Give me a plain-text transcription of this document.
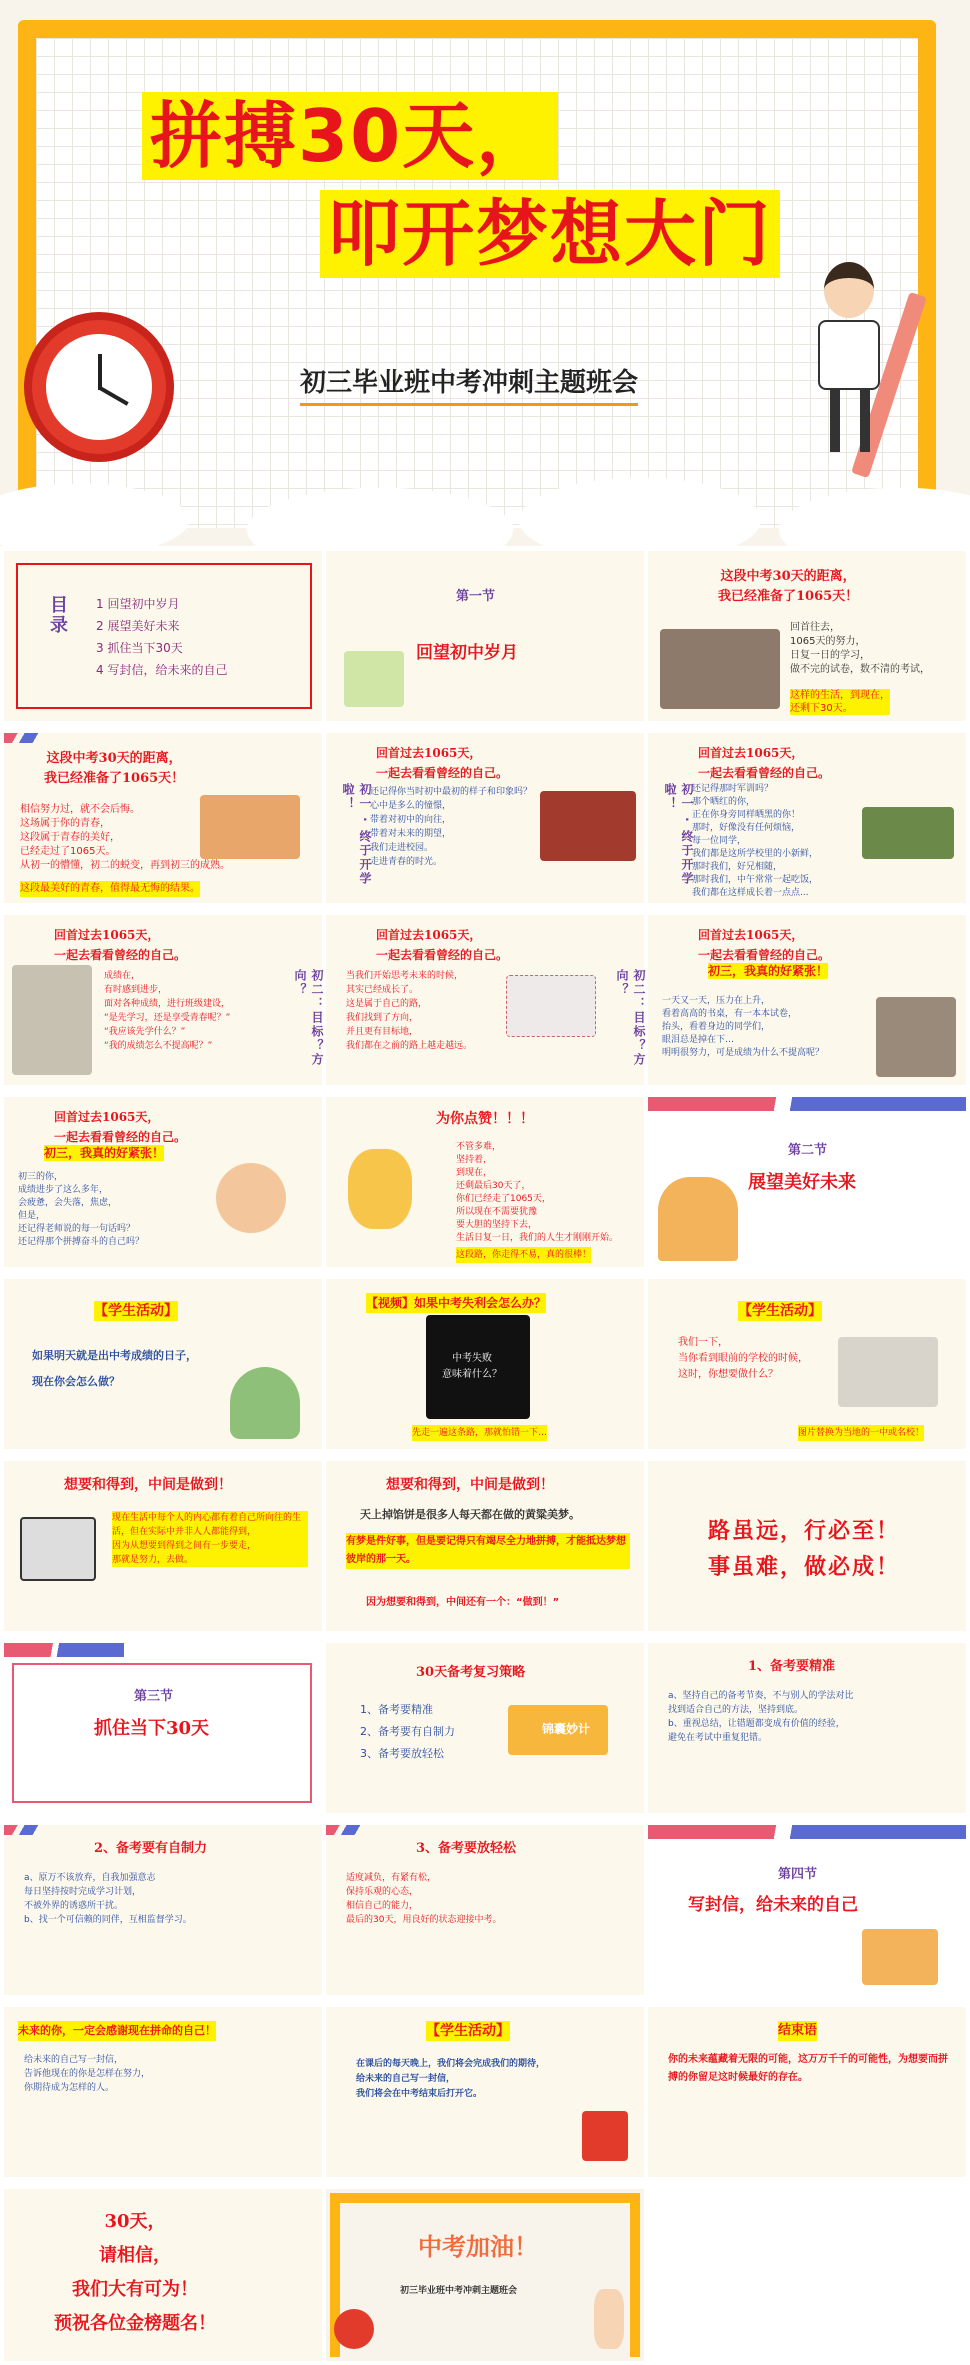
拼搏30天，
叩开梦想大门
初三毕业班中考冲刺主题班会
目录 1 回望初中岁月
2 展望美好未来
3 抓住当下30天
4 写封信，给未来的自己
第一节
回望初中岁月
这段中考30天的距离，
我已经准备了1065天！
回首往去，
1065天的努力，
日复一日的学习，
做不完的试卷，数不清的考试，
这样的生活，到现在，
还剩下30天。
这段中考30天的距离，
我已经准备了1065天！
相信努力过，就不会后悔。
这场属于你的青春，
这段属于青春的美好，
已经走过了1065天。
从初一的懵懂，初二的蜕变，再到初三的成熟。
这段最美好的青春，值得最无悔的结果。
回首过去1065天，
一起去看看曾经的自己。
初一 · 终于开学啦！	还记得你当时初中最初的样子和印象吗？
心中是多么的憧憬，
带着对初中的向往，
带着对未来的期望，
我们走进校园。
走进青春的时光。
回首过去1065天，
一起去看看曾经的自己。
初一 · 终于开学啦！	还记得那时军训吗？
那个晒红的你，
正在你身旁同样晒黑的你！
那时，好像没有任何烦恼，
每一位同学，
我们都是这所学校里的小新鲜，
那时我们，好兄相随，
那时我们，中午常常一起吃饭，
我们都在这样成长着一点点...
回首过去1065天，
一起去看看曾经的自己。
成绩在，
有时感到进步，
面对各种成绩，进行班级建设，
“是先学习，还是享受青春呢？”
“我应该先学什么？”
“我的成绩怎么不提高呢？”	初二：目标？方向？
回首过去1065天，
一起去看看曾经的自己。
当我们开始思考未来的时候，
其实已经成长了。
这是属于自己的路，
我们找到了方向，
并且更有目标地，
我们都在之前的路上越走越远。	初二：目标？方向？
回首过去1065天，
一起去看看曾经的自己。
初三，我真的好紧张！
一天又一天，压力在上升，
看着高高的书桌，有一本本试卷，
抬头，看着身边的同学们，
眼泪总是掉在下…
明明很努力，可是成绩为什么不提高呢？
回首过去1065天，
一起去看看曾经的自己。
初三，我真的好紧张！
初三的你，
成绩进步了这么多年，
会疲惫，会失落，焦虑，
但是，
还记得老师说的每一句话吗？
还记得那个拼搏奋斗的自己吗？
为你点赞！！！
不管多难，
坚持着，
到现在，
还剩最后30天了，
你们已经走了1065天，
所以现在不需要犹豫
要大胆的坚持下去，
生活日复一日，我们的人生才刚刚开始。
这段路，你走得不易，真的很棒！
第二节
展望美好未来
【学生活动】
如果明天就是出中考成绩的日子，
现在你会怎么做？
【视频】如果中考失利会怎么办？
中考失败
意味着什么？
先走一遍这条路，那就怕错一下…
【学生活动】
我们一下，
当你看到眼前的学校的时候，
这时，你想要做什么？
图片替换为当地的一中或名校！
想要和得到，中间是做到！
现在生活中每个人的内心都有着自己所向往的生活，但在实际中并非人人都能得到，
因为从想要到得到之间有一步要走，
那就是努力，去做。
想要和得到，中间是做到！
天上掉馅饼是很多人每天都在做的黄粱美梦。
有梦是件好事，但是要记得只有竭尽全力地拼搏，才能抵达梦想彼岸的那一天。
因为想要和得到，中间还有一个：“做到！”
路虽远，行必至！
事虽难，做必成！
第三节
抓住当下30天
30天备考复习策略
1、备考要精准
2、备考要有自制力
3、备考要放轻松
锦囊妙计
1、备考要精准
a、坚持自己的备考节奏，不与别人的学法对比
找到适合自己的方法，坚持到底。
b、重视总结，让错题都变成有价值的经验，
避免在考试中重复犯错。
2、备考要有自制力
a、原万不该放弃，自我加强意志
每日坚持按时完成学习计划，
不被外界的诱惑所干扰。
b、找一个可信赖的同伴，互相监督学习。
3、备考要放轻松
适度减负，有紧有松，
保持乐观的心态，
相信自己的能力，
最后的30天，用良好的状态迎接中考。
第四节
写封信，给未来的自己
未来的你，一定会感谢现在拼命的自己！
给未来的自己写一封信，
告诉他现在的你是怎样在努力，
你期待成为怎样的人。
【学生活动】
在课后的每天晚上，我们将会完成我们的期待，
给未来的自己写一封信，
我们将会在中考结束后打开它。
结束语
你的未来蕴藏着无限的可能，这万万千千的可能性，为想要而拼搏的你留足这时候最好的存在。
30天，
请相信，
我们大有可为！
预祝各位金榜题名！
中考加油！
初三毕业班中考冲刺主题班会
